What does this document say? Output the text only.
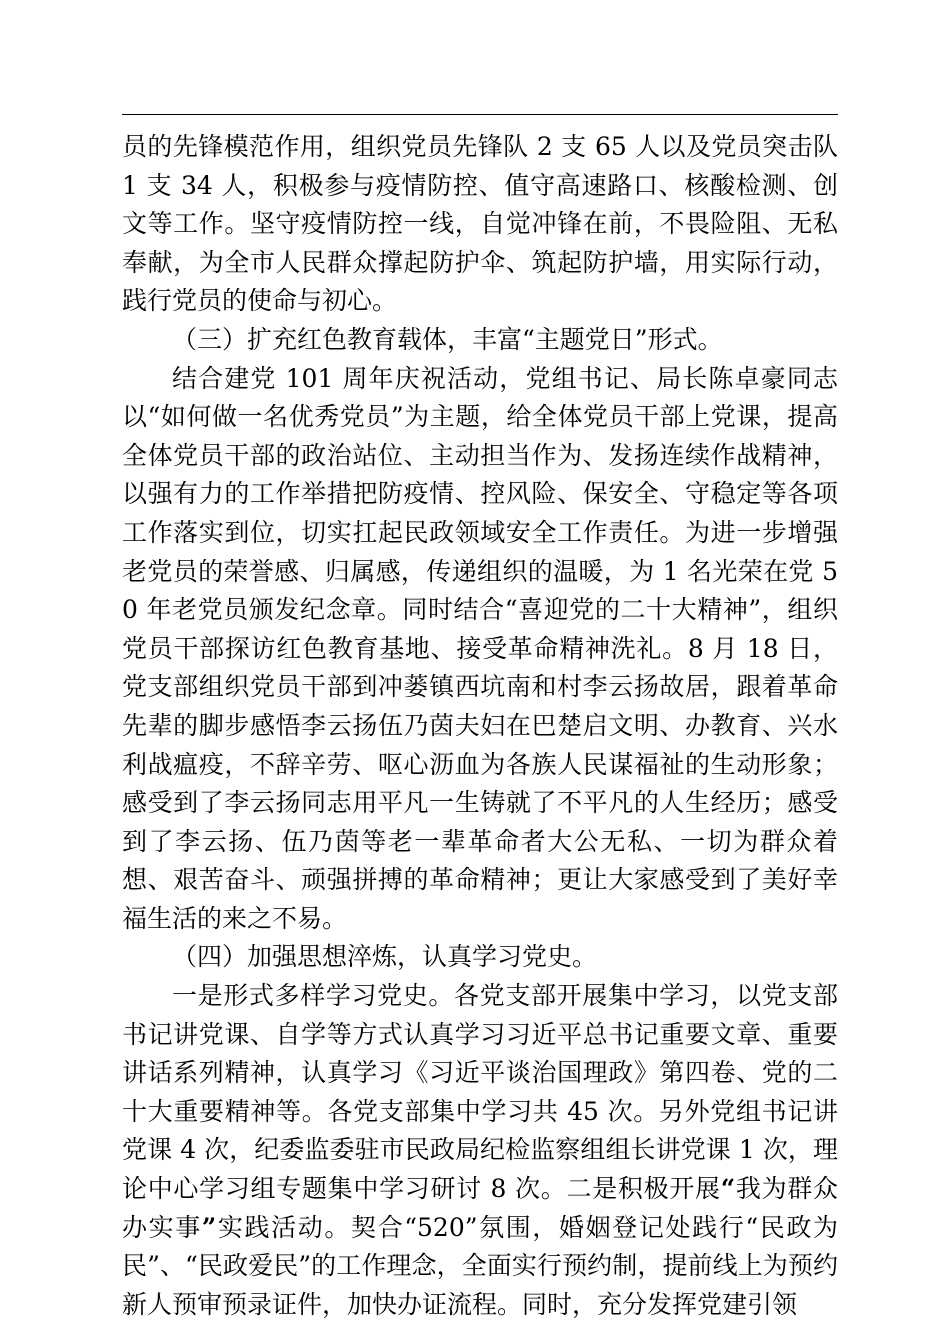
员的先锋模范作用，组织党员先锋队 2 支 65 人以及党员突击队 1 支 34 人，积极参与疫情防控、值守高速路口、核酸检测、创文等工作。坚守疫情防控一线，自觉冲锋在前，不畏险阻、无私奉献，为全市人民群众撑起防护伞、筑起防护墙，用实际行动，践行党员的使命与初心。

（三）扩充红色教育载体，丰富“主题党日”形式。

结合建党 101 周年庆祝活动，党组书记、局长陈卓豪同志以“如何做一名优秀党员”为主题，给全体党员干部上党课，提高全体党员干部的政治站位、主动担当作为、发扬连续作战精神，以强有力的工作举措把防疫情、控风险、保安全、守稳定等各项工作落实到位，切实扛起民政领域安全工作责任。为进一步增强老党员的荣誉感、归属感，传递组织的温暖，为 1 名光荣在党 50 年老党员颁发纪念章。同时结合“喜迎党的二十大精神”，组织党员干部探访红色教育基地、接受革命精神洗礼。8 月 18 日，党支部组织党员干部到冲蒌镇西坑南和村李云扬故居，跟着革命先辈的脚步感悟李云扬伍乃茵夫妇在巴楚启文明、办教育、兴水利战瘟疫，不辞辛劳、呕心沥血为各族人民谋福祉的生动形象；感受到了李云扬同志用平凡一生铸就了不平凡的人生经历；感受到了李云扬、伍乃茵等老一辈革命者大公无私、一切为群众着想、艰苦奋斗、顽强拼搏的革命精神；更让大家感受到了美好幸福生活的来之不易。

（四）加强思想淬炼，认真学习党史。

一是形式多样学习党史。各党支部开展集中学习，以党支部书记讲党课、自学等方式认真学习习近平总书记重要文章、重要讲话系列精神，认真学习《习近平谈治国理政》第四卷、党的二十大重要精神等。各党支部集中学习共 45 次。另外党组书记讲党课 4 次，纪委监委驻市民政局纪检监察组组长讲党课 1 次，理论中心学习组专题集中学习研讨 8 次。二是积极开展“我为群众办实事”实践活动。契合“520”氛围，婚姻登记处践行“民政为民”、“民政爱民”的工作理念，全面实行预约制，提前线上为预约新人预审预录证件，加快办证流程。同时，充分发挥党建引领
